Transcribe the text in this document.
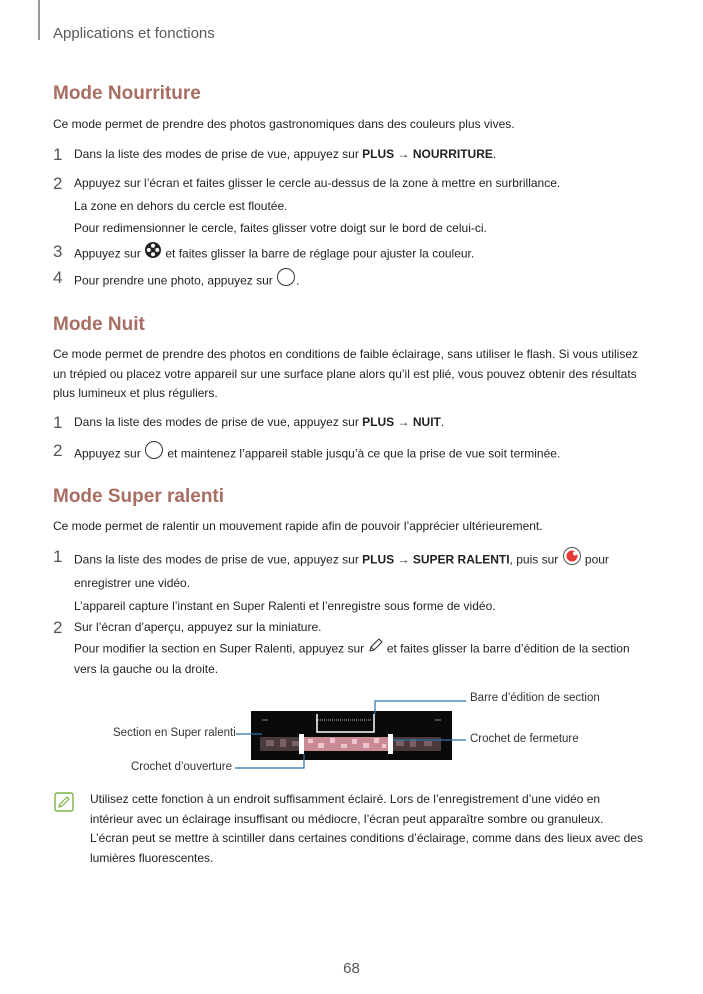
Applications et fonctions
Mode Nourriture
Ce mode permet de prendre des photos gastronomiques dans des couleurs plus vives.
1 Dans la liste des modes de prise de vue, appuyez sur PLUS → NOURRITURE.
2 Appuyez sur l’écran et faites glisser le cercle au-dessus de la zone à mettre en surbrillance.
La zone en dehors du cercle est floutée.
Pour redimensionner le cercle, faites glisser votre doigt sur le bord de celui-ci.
3 Appuyez sur  et faites glisser la barre de réglage pour ajuster la couleur.
4 Pour prendre une photo, appuyez sur .
Mode Nuit
Ce mode permet de prendre des photos en conditions de faible éclairage, sans utiliser le flash. Si vous utilisez
un trépied ou placez votre appareil sur une surface plane alors qu’il est plié, vous pouvez obtenir des résultats
plus lumineux et plus réguliers.
1 Dans la liste des modes de prise de vue, appuyez sur PLUS → NUIT.
2 Appuyez sur  et maintenez l’appareil stable jusqu’à ce que la prise de vue soit terminée.
Mode Super ralenti
Ce mode permet de ralentir un mouvement rapide afin de pouvoir l’apprécier ultérieurement.
1 Dans la liste des modes de prise de vue, appuyez sur PLUS → SUPER RALENTI, puis sur  pour
enregistrer une vidéo.
L’appareil capture l’instant en Super Ralenti et l’enregistre sous forme de vidéo.
2 Sur l’écran d’aperçu, appuyez sur la miniature.
Pour modifier la section en Super Ralenti, appuyez sur  et faites glisser la barre d’édition de la section
vers la gauche ou la droite.
Barre d’édition de section
Section en Super ralenti	Crochet de fermeture
Crochet d’ouverture
Utilisez cette fonction à un endroit suffisamment éclairé. Lors de l’enregistrement d’une vidéo en
intérieur avec un éclairage insuffisant ou médiocre, l’écran peut apparaître sombre ou granuleux.
L’écran peut se mettre à scintiller dans certaines conditions d’éclairage, comme dans des lieux avec des
lumières fluorescentes.
68
